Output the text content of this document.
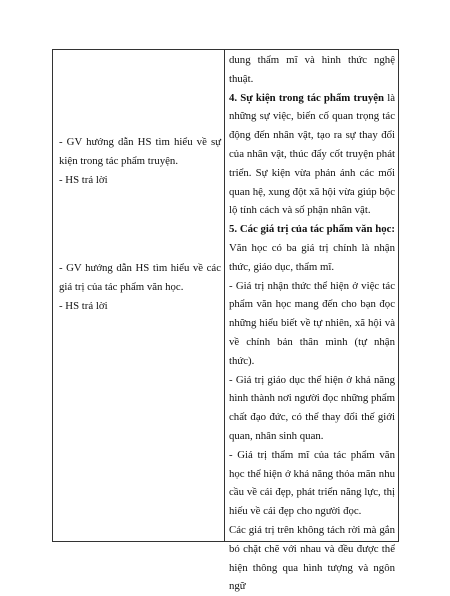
- GV hướng dẫn HS tìm hiểu về sự kiện trong tác phẩm truyện.

- HS trả lời

- GV hướng dẫn HS tìm hiểu về các giá trị của tác phẩm văn học.

- HS trả lời

dung thẩm mĩ và hình thức nghệ thuật.

4. Sự kiện trong tác phẩm truyện là những sự việc, biến cố quan trọng tác động đến nhân vật, tạo ra sự thay đổi của nhân vật, thúc đẩy cốt truyện phát triển. Sự kiện vừa phản ánh các mối quan hệ, xung đột xã hội vừa giúp bộc lộ tính cách và số phận nhân vật.

5. Các giá trị của tác phẩm văn học: Văn học có ba giá trị chính là nhận thức, giáo dục, thẩm mĩ.

- Giá trị nhận thức thể hiện ở việc tác phẩm văn học mang đến cho bạn đọc những hiểu biết về tự nhiên, xã hội và về chính bản thân mình (tự nhận thức).

- Giá trị giáo dục thể hiện ở khả năng hình thành nơi người đọc những phẩm chất đạo đức, có thể thay đổi thế giới quan, nhân sinh quan.

- Giá trị thẩm mĩ của tác phẩm văn học thể hiện ở khả năng thỏa mãn nhu cầu về cái đẹp, phát triển năng lực, thị hiếu về cái đẹp cho người đọc.

Các giá trị trên không tách rời mà gắn bó chặt chẽ với nhau và đều được thể hiện thông qua hình tượng và ngôn ngữ
